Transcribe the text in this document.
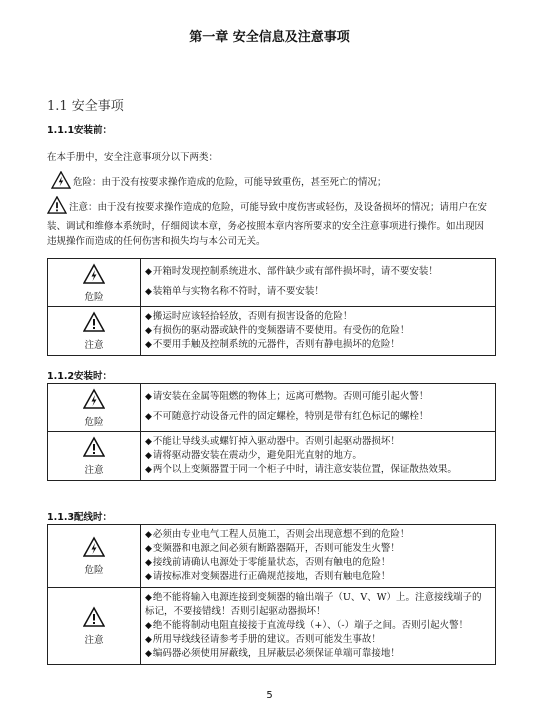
第一章 安全信息及注意事项
1.1 安全事项
1.1.1安装前：
在本手册中，安全注意事项分以下两类：
危险：由于没有按要求操作造成的危险，可能导致重伤，甚至死亡的情况；
注意：由于没有按要求操作造成的危险，可能导致中度伤害或轻伤，及设备损坏的情况；请用户在安装、调试和维修本系统时，仔细阅读本章，务必按照本章内容所要求的安全注意事项进行操作。如出现因违规操作而造成的任何伤害和损失均与本公司无关。
危险	◆ 开箱时发现控制系统进水、部件缺少或有部件损坏时，请不要安装！
◆ 装箱单与实物名称不符时，请不要安装！

注意	◆ 搬运时应该轻拾轻放，否则有损害设备的危险！
◆ 有损伤的驱动器或缺件的变频器请不要使用。有受伤的危险！
◆ 不要用手触及控制系统的元器件，否则有静电损坏的危险！
1.1.2安装时：
危险	◆ 请安装在金属等阻燃的物体上；远离可燃物。否则可能引起火警！
◆ 不可随意拧动设备元件的固定螺栓，特别是带有红色标记的螺栓！

注意	◆ 不能让导线头或螺钉掉入驱动器中。否则引起驱动器损坏！
◆ 请将驱动器安装在震动少，避免阳光直射的地方。
◆ 两个以上变频器置于同一个柜子中时，请注意安装位置，保证散热效果。
1.1.3配线时：
危险	◆ 必须由专业电气工程人员施工，否则会出现意想不到的危险！
◆ 变频器和电源之间必须有断路器隔开，否则可能发生火警！
◆ 接线前请确认电源处于零能量状态，否则有触电的危险！
◆ 请按标准对变频器进行正确规范接地，否则有触电危险！

注意	◆ 绝不能将输入电源连接到变频器的输出端子（U、V、W）上。注意接线端子的标记，不要接错线！否则引起驱动器损坏！
◆ 绝不能将制动电阻直接接于直流母线（+）、（-）端子之间。否则引起火警！
◆ 所用导线线径请参考手册的建议。否则可能发生事故！
◆ 编码器必须使用屏蔽线，且屏蔽层必须保证单端可靠接地！
5
